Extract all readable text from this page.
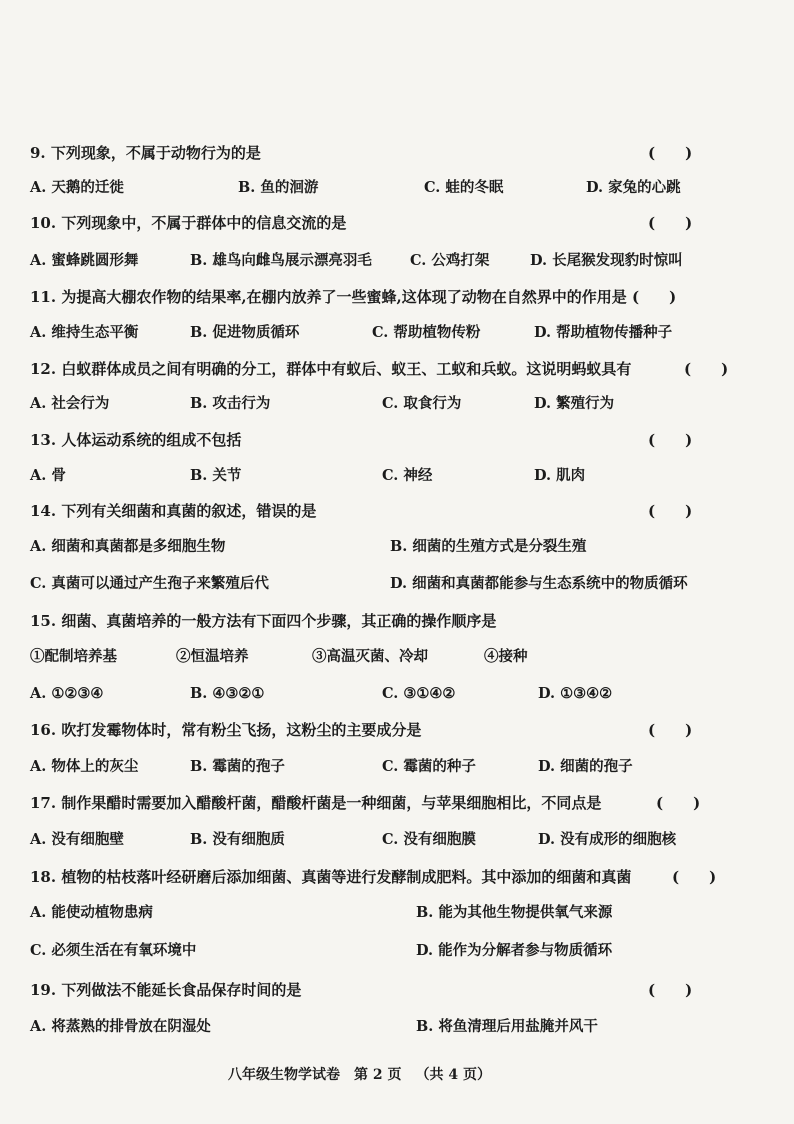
9. 下列现象，不属于动物行为的是	(　　)
A. 天鹅的迁徙	B. 鱼的洄游	C. 蛙的冬眠	D. 家兔的心跳
10. 下列现象中，不属于群体中的信息交流的是	(　　)
A. 蜜蜂跳圆形舞	B. 雄鸟向雌鸟展示漂亮羽毛	C. 公鸡打架	D. 长尾猴发现豹时惊叫
11. 为提高大棚农作物的结果率,在棚内放养了一些蜜蜂,这体现了动物在自然界中的作用是 (　　)
A. 维持生态平衡	B. 促进物质循环	C. 帮助植物传粉	D. 帮助植物传播种子
12. 白蚁群体成员之间有明确的分工，群体中有蚁后、蚁王、工蚁和兵蚁。这说明蚂蚁具有	(　　)
A. 社会行为	B. 攻击行为	C. 取食行为	D. 繁殖行为
13. 人体运动系统的组成不包括	(　　)
A. 骨	B. 关节	C. 神经	D. 肌肉
14. 下列有关细菌和真菌的叙述，错误的是	(　　)
A. 细菌和真菌都是多细胞生物	B. 细菌的生殖方式是分裂生殖
C. 真菌可以通过产生孢子来繁殖后代	D. 细菌和真菌都能参与生态系统中的物质循环
15. 细菌、真菌培养的一般方法有下面四个步骤，其正确的操作顺序是
①配制培养基	②恒温培养	③高温灭菌、冷却	④接种
A. ①②③④	B. ④③②①	C. ③①④②	D. ①③④②
16. 吹打发霉物体时，常有粉尘飞扬，这粉尘的主要成分是	(　　)
A. 物体上的灰尘	B. 霉菌的孢子	C. 霉菌的种子	D. 细菌的孢子
17. 制作果醋时需要加入醋酸杆菌，醋酸杆菌是一种细菌，与苹果细胞相比，不同点是	(　　)
A. 没有细胞壁	B. 没有细胞质	C. 没有细胞膜	D. 没有成形的细胞核
18. 植物的枯枝落叶经研磨后添加细菌、真菌等进行发酵制成肥料。其中添加的细菌和真菌	(　　)
A. 能使动植物患病	B. 能为其他生物提供氧气来源
C. 必须生活在有氧环境中	D. 能作为分解者参与物质循环
19. 下列做法不能延长食品保存时间的是	(　　)
A. 将蒸熟的排骨放在阴湿处	B. 将鱼清理后用盐腌并风干
八年级生物学试卷 第 2 页 （共 4 页）
